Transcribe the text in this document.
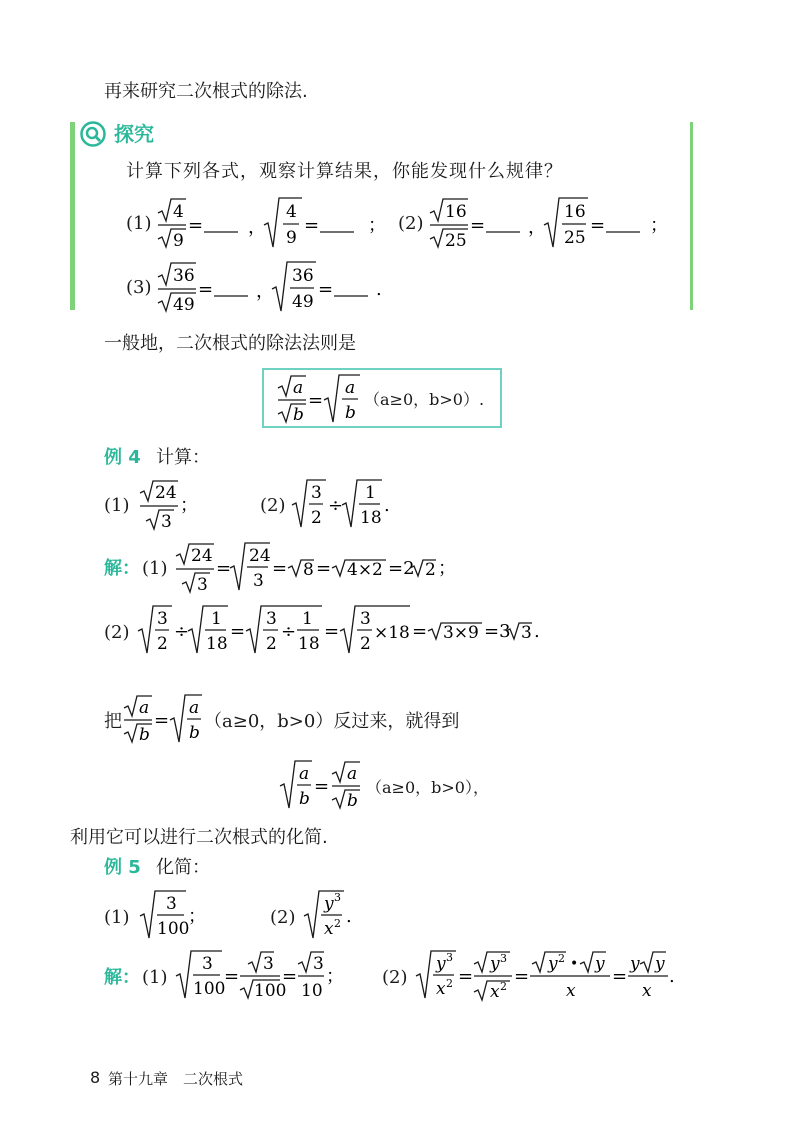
再来研究二次根式的除法.
探究
计算下列各式，观察计算结果，你能发现什么规律？
(1)
4
9
= ，
4
9
=	； (2)
16
25
= ，
16
25
= ；
(3)
36
49
= ，
36
49
= .
一般地，二次根式的除法法则是
a
b
=
a
b
（a≥0，b>0）.
例 4 计算：
(1)
24
3
；	(2)
3
2
÷
1
18
.
解： (1)
24
3
=
24
3
= 8 = 4×2 =2 2 ；
(2)
3
2
÷
1
18
=
3
2
÷
1
18
=
3
2
×18 = 3×9 =3 3 .
把
a
b
=
a
b
（a≥0，b>0）反过来，就得到
a
b
=
a
b
（a≥0，b>0），
利用它可以进行二次根式的化简.
例 5 化简：
(1)
3
100
；	(2)
y 3
x 2 .
解： (1)
3
100
=
3
100
=
3
10
； (2)
y 3
x 2 =
y 3
x 2 =
y 2 • y
x
=
y y
x
.
8 第十九章　二次根式
